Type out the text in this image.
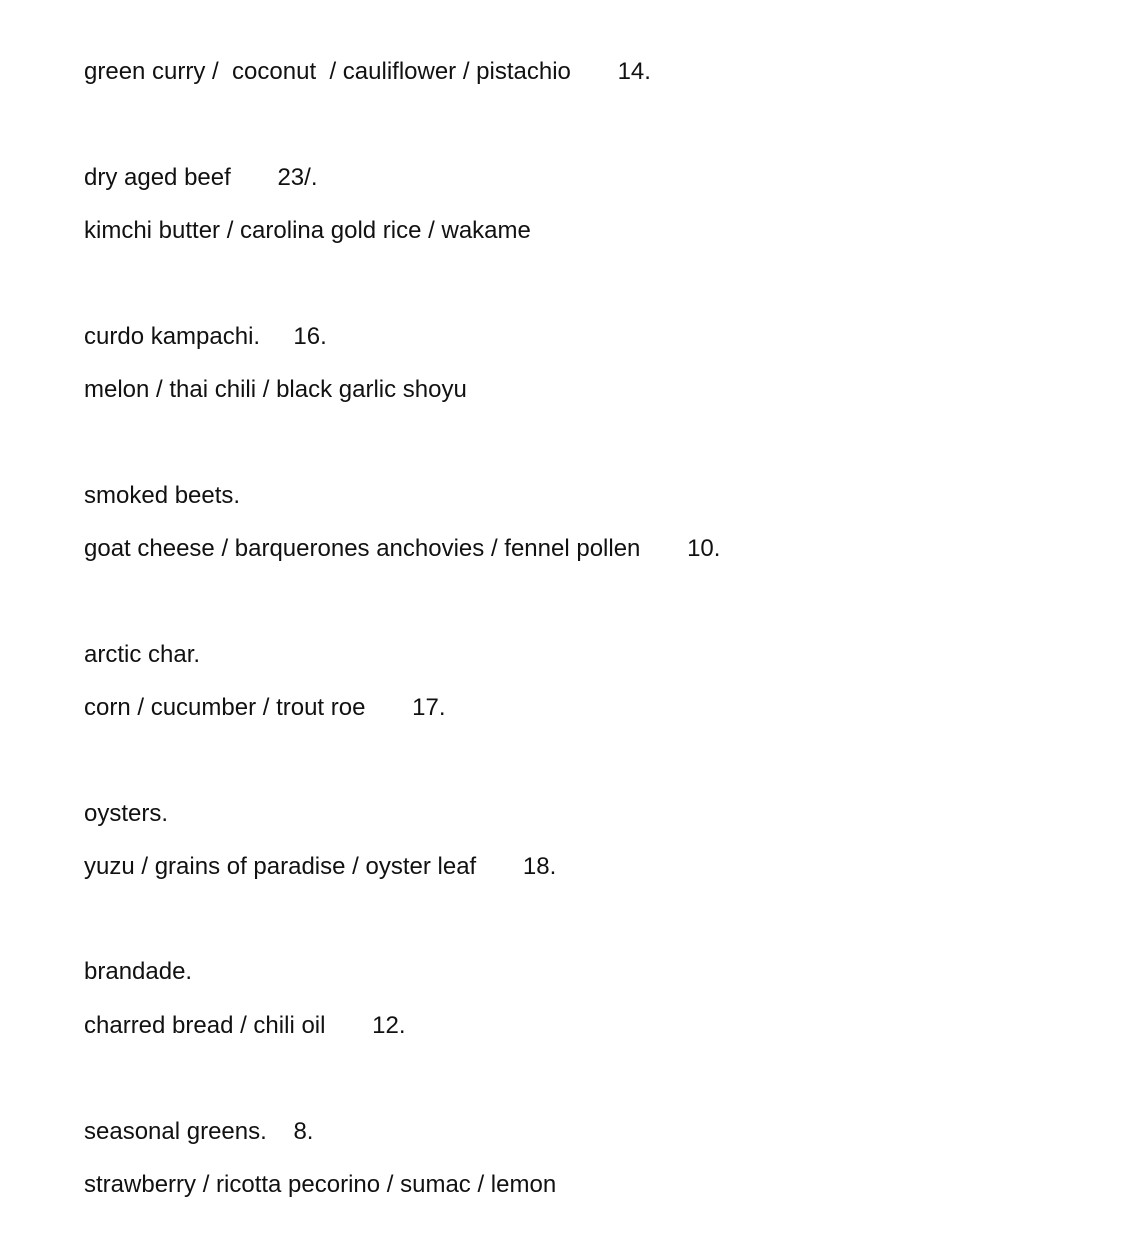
green curry /  coconut  / cauliflower / pistachio       14.
dry aged beef       23/.
kimchi butter / carolina gold rice / wakame
curdo kampachi.     16.
melon / thai chili / black garlic shoyu
smoked beets.
goat cheese / barquerones anchovies / fennel pollen       10.
arctic char.
corn / cucumber / trout roe       17.
oysters.
yuzu / grains of paradise / oyster leaf       18.
brandade.
charred bread / chili oil       12.
seasonal greens.    8.
strawberry / ricotta pecorino / sumac / lemon
